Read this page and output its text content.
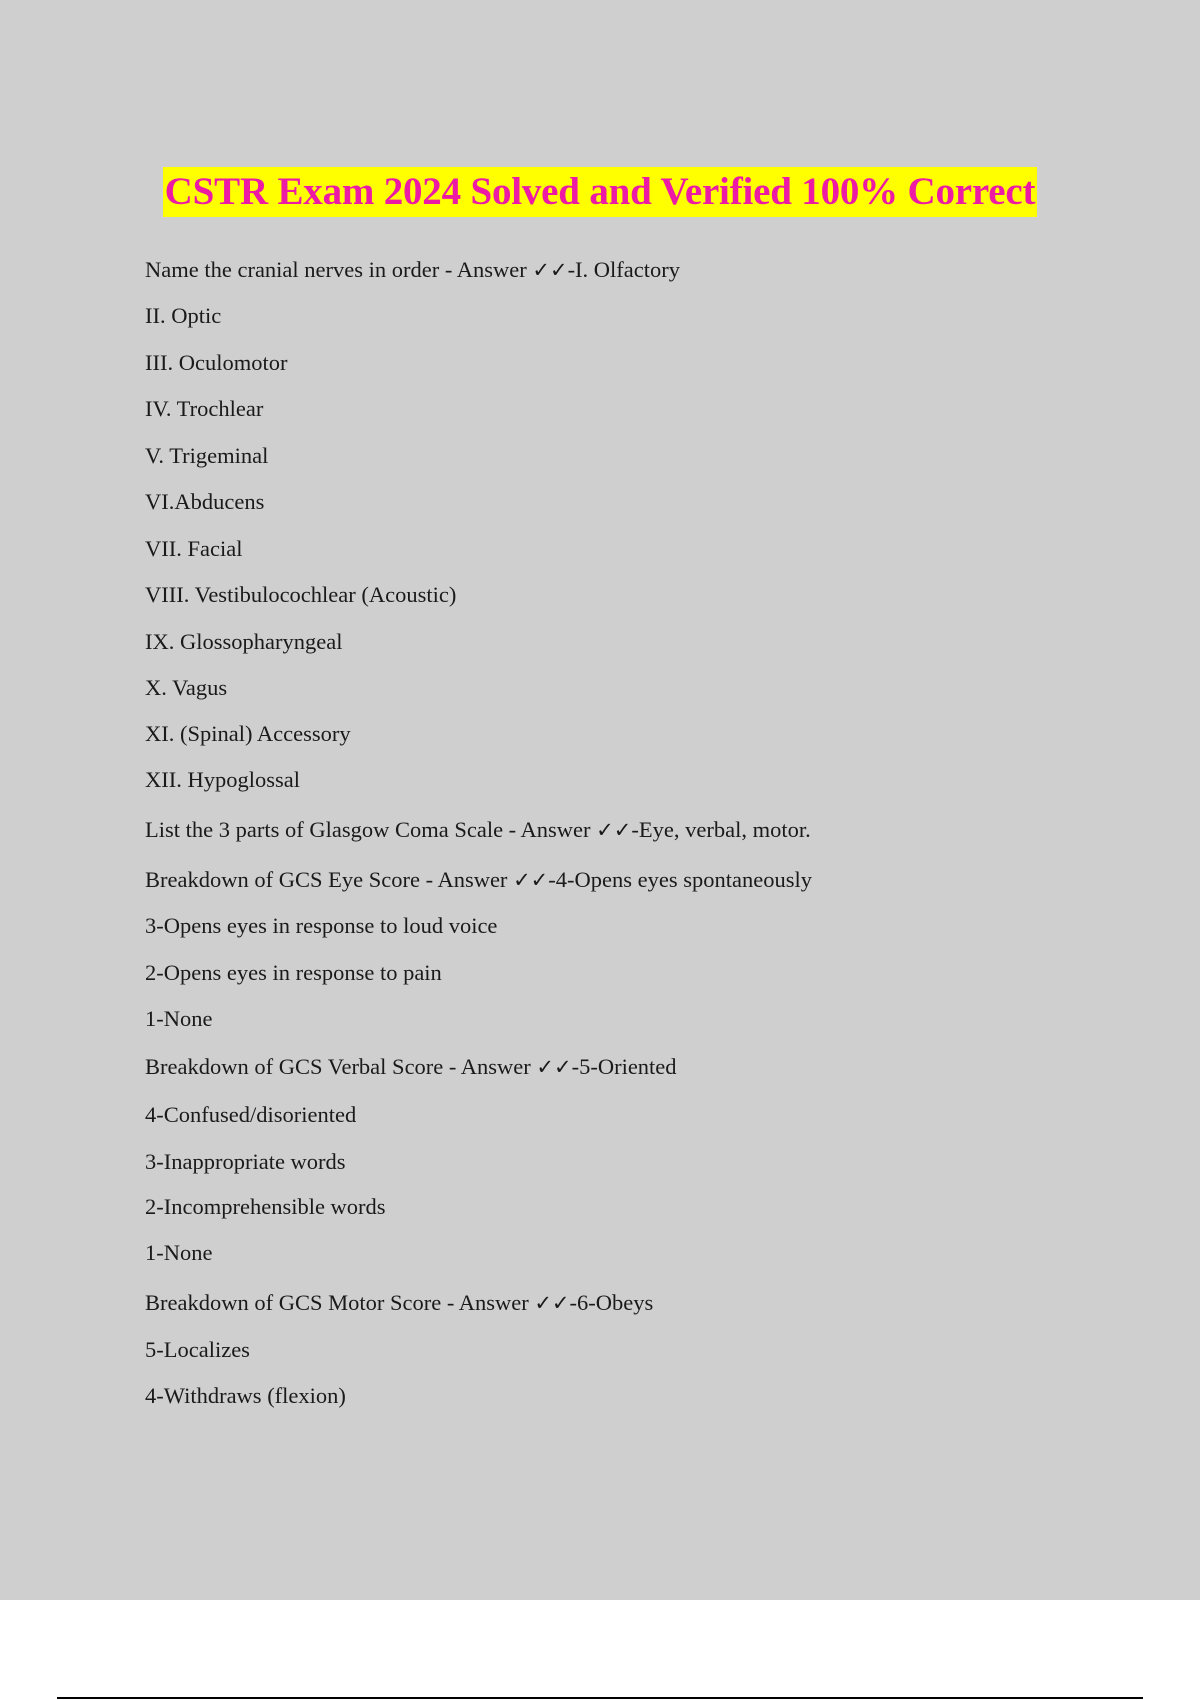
CSTR Exam 2024 Solved and Verified 100% Correct
Name the cranial nerves in order - Answer ✓✓-I. Olfactory
II. Optic
III. Oculomotor
IV. Trochlear
V. Trigeminal
VI.Abducens
VII. Facial
VIII. Vestibulocochlear (Acoustic)
IX. Glossopharyngeal
X. Vagus
XI. (Spinal) Accessory
XII. Hypoglossal
List the 3 parts of Glasgow Coma Scale - Answer ✓✓-Eye, verbal, motor.
Breakdown of GCS Eye Score - Answer ✓✓-4-Opens eyes spontaneously
3-Opens eyes in response to loud voice
2-Opens eyes in response to pain
1-None
Breakdown of GCS Verbal Score - Answer ✓✓-5-Oriented
4-Confused/disoriented
3-Inappropriate words
2-Incomprehensible words
1-None
Breakdown of GCS Motor Score - Answer ✓✓-6-Obeys
5-Localizes
4-Withdraws (flexion)
